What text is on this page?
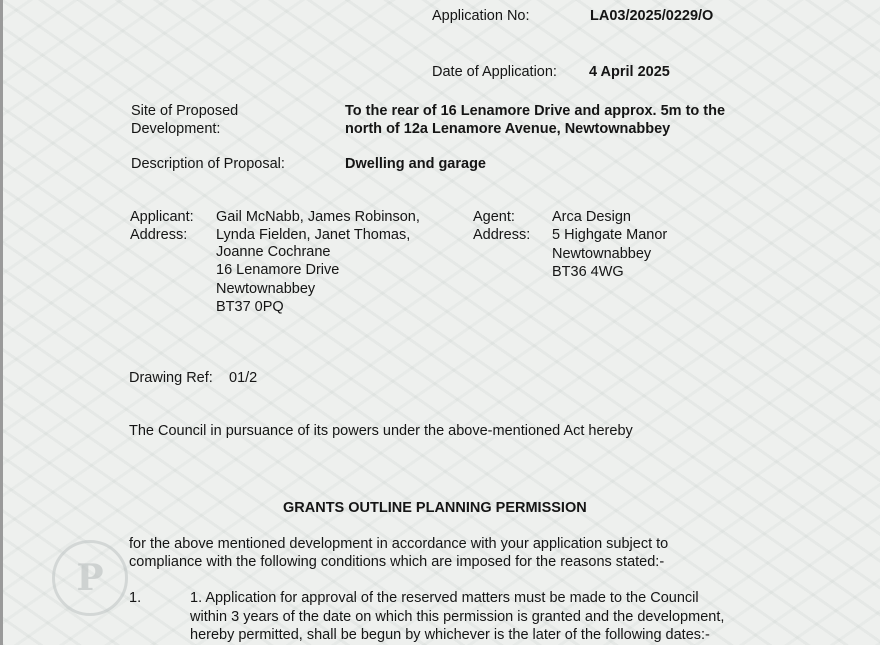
P
Application No:	LA03/2025/0229/O
Date of Application: 4 April 2025
Site of Proposed
Development:
To the rear of 16 Lenamore Drive and approx. 5m to the
north of 12a Lenamore Avenue, Newtownabbey
Description of Proposal:	Dwelling and garage
Applicant:
Address:
Gail McNabb, James Robinson,
Lynda Fielden, Janet Thomas,
Joanne Cochrane
16 Lenamore Drive
Newtownabbey
BT37 0PQ
Agent:
Address:
Arca Design
5 Highgate Manor
Newtownabbey
BT36 4WG
Drawing Ref: 01/2
The Council in pursuance of its powers under the above-mentioned Act hereby
GRANTS OUTLINE PLANNING PERMISSION
for the above mentioned development in accordance with your application subject to
compliance with the following conditions which are imposed for the reasons stated:-
1.	1. Application for approval of the reserved matters must be made to the Council
within 3 years of the date on which this permission is granted and the development,
hereby permitted, shall be begun by whichever is the later of the following dates:-
